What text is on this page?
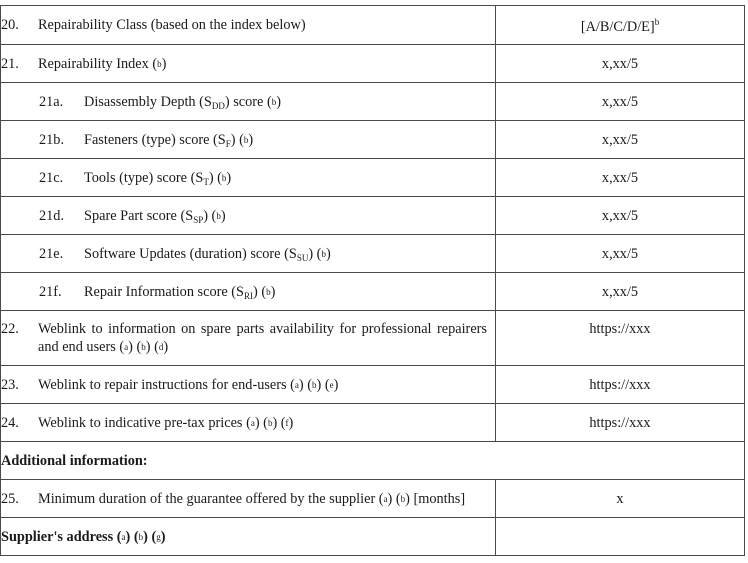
20. Repairability Class (based on the index below)	[A/B/C/D/E]$^b$
21. Repairability Index (b)	x,xx/5
21a. Disassembly Depth $(S_{DD})$ score (b)	x,xx/5
21b. Fasteners (type) score $(S_F)$ (b)	x,xx/5
21c. Tools (type) score $(S_T)$ (b)	x,xx/5
21d. Spare Part score $(S_{SP})$ (b)	x,xx/5
21e. Software Updates (duration) score $(S_{SU})$ (b)	x,xx/5
21f. Repair Information score $(S_{RI})$ (b)	x,xx/5

22. Weblink to information on spare parts availability for professional repairers and end users (a) (b) (d)	https://xxx
23. Weblink to repair instructions for end-users (a) (b) (e)	https://xxx
24. Weblink to indicative pre-tax prices (a) (b) (f)	https://xxx
Additional information:	
25. Minimum duration of the guarantee offered by the supplier (a) (b) [months]	x
Supplier's address (a) (b) (g)	
